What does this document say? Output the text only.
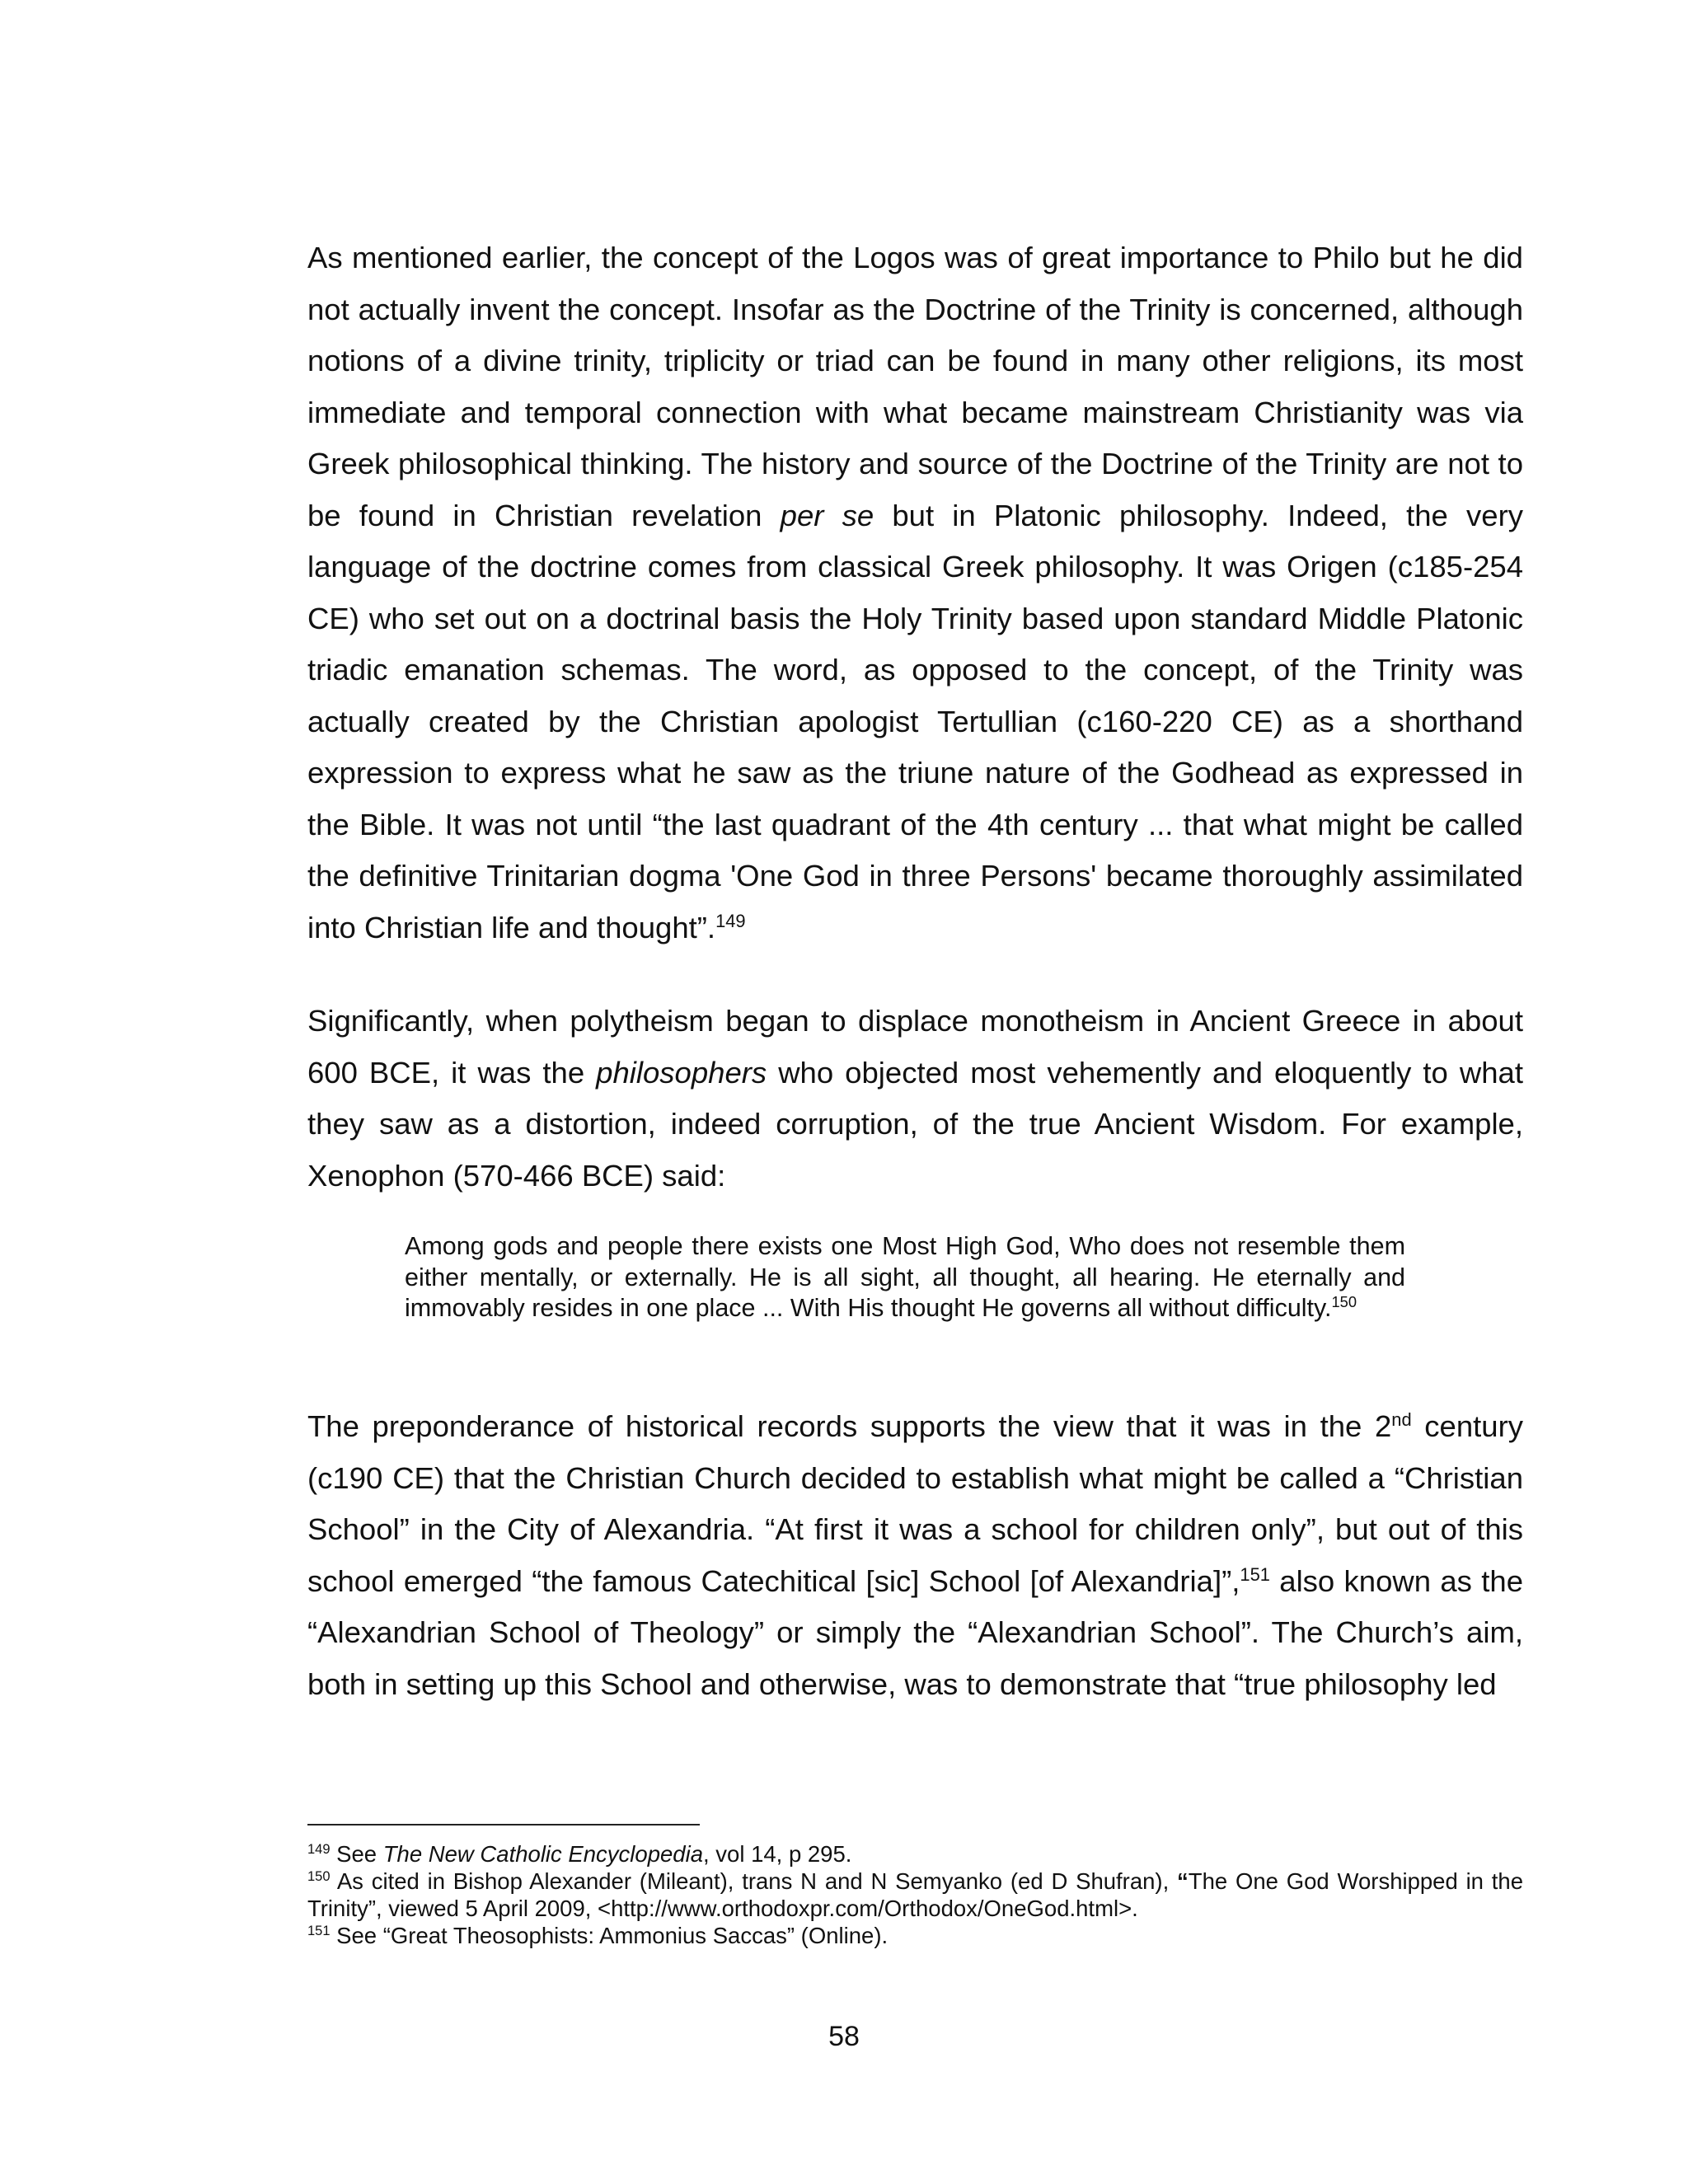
As mentioned earlier, the concept of the Logos was of great importance to Philo but he did not actually invent the concept. Insofar as the Doctrine of the Trinity is concerned, although notions of a divine trinity, triplicity or triad can be found in many other religions, its most immediate and temporal connection with what became mainstream Christianity was via Greek philosophical thinking. The history and source of the Doctrine of the Trinity are not to be found in Christian revelation per se but in Platonic philosophy. Indeed, the very language of the doctrine comes from classical Greek philosophy. It was Origen (c185-254 CE) who set out on a doctrinal basis the Holy Trinity based upon standard Middle Platonic triadic emanation schemas. The word, as opposed to the concept, of the Trinity was actually created by the Christian apologist Tertullian (c160-220 CE) as a shorthand expression to express what he saw as the triune nature of the Godhead as expressed in the Bible. It was not until “the last quadrant of the 4th century ... that what might be called the definitive Trinitarian dogma 'One God in three Persons' became thoroughly assimilated into Christian life and thought”.$^{149}$

Significantly, when polytheism began to displace monotheism in Ancient Greece in about 600 BCE, it was the philosophers who objected most vehemently and eloquently to what they saw as a distortion, indeed corruption, of the true Ancient Wisdom. For example, Xenophon (570-466 BCE) said:

Among gods and people there exists one Most High God, Who does not resemble them either mentally, or externally. He is all sight, all thought, all hearing. He eternally and immovably resides in one place ... With His thought He governs all without difficulty.$^{150}$

The preponderance of historical records supports the view that it was in the 2nd century (c190 CE) that the Christian Church decided to establish what might be called a “Christian School” in the City of Alexandria. “At first it was a school for children only”, but out of this school emerged “the famous Catechitical [sic] School [of Alexandria]”,$^{151}$ also known as the “Alexandrian School of Theology” or simply the “Alexandrian School”. The Church’s aim, both in setting up this School and otherwise, was to demonstrate that “true philosophy led

$^{149}$ See The New Catholic Encyclopedia, vol 14, p 295.

$^{150}$ As cited in Bishop Alexander (Mileant), trans N and N Semyanko (ed D Shufran), “The One God Worshipped in the Trinity”, viewed 5 April 2009, <http://www.orthodoxpr.com/Orthodox/OneGod.html>.

$^{151}$ See “Great Theosophists: Ammonius Saccas” (Online).

58
